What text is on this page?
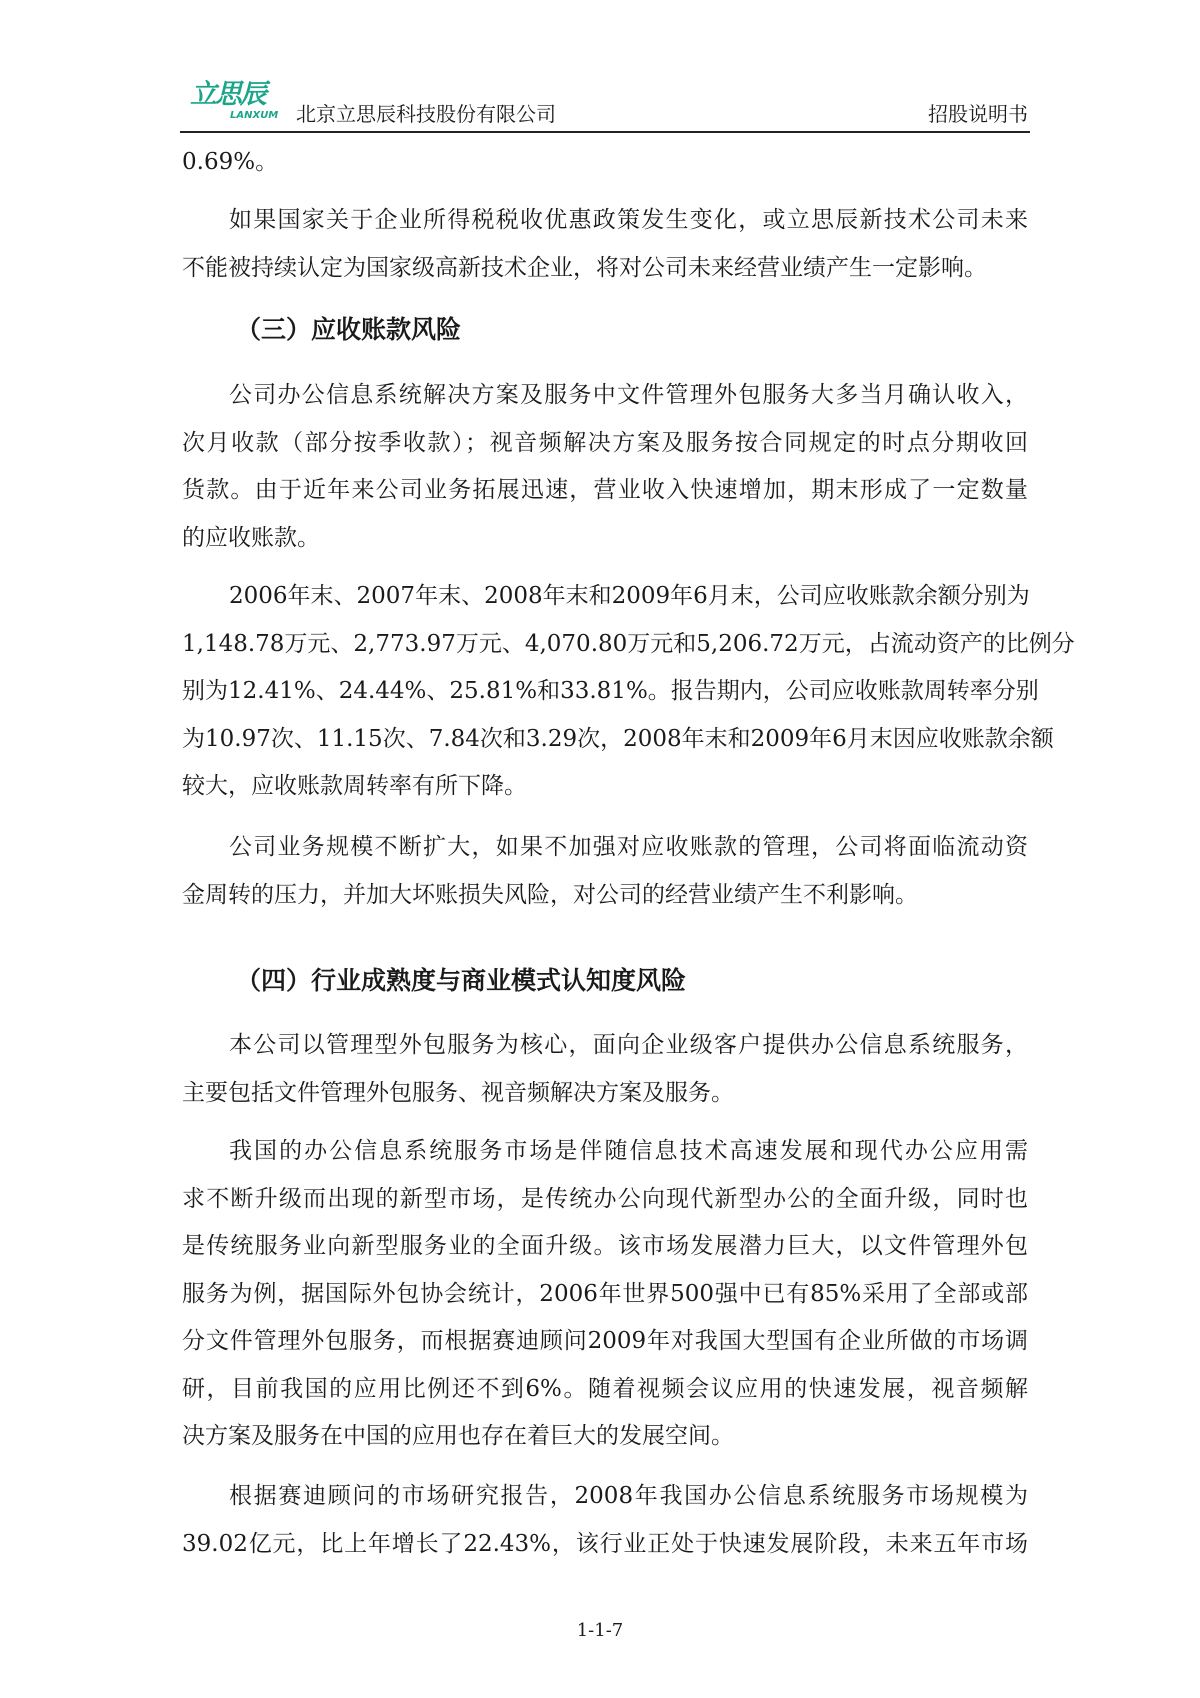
立思辰
LANXUM 北京立思辰科技股份有限公司	招股说明书
0.69%。
如果国家关于企业所得税税收优惠政策发生变化，或立思辰新技术公司未来
不能被持续认定为国家级高新技术企业，将对公司未来经营业绩产生一定影响。
（三）应收账款风险
公司办公信息系统解决方案及服务中文件管理外包服务大多当月确认收入，
次月收款（部分按季收款）；视音频解决方案及服务按合同规定的时点分期收回
货款。由于近年来公司业务拓展迅速，营业收入快速增加，期末形成了一定数量
的应收账款。
2006年末、2007年末、2008年末和2009年6月末，公司应收账款余额分别为
1,148.78万元、2,773.97万元、4,070.80万元和5,206.72万元，占流动资产的比例分
别为12.41%、24.44%、25.81%和33.81%。报告期内，公司应收账款周转率分别
为10.97次、11.15次、7.84次和3.29次，2008年末和2009年6月末因应收账款余额
较大，应收账款周转率有所下降。
公司业务规模不断扩大，如果不加强对应收账款的管理，公司将面临流动资
金周转的压力，并加大坏账损失风险，对公司的经营业绩产生不利影响。
（四）行业成熟度与商业模式认知度风险
本公司以管理型外包服务为核心，面向企业级客户提供办公信息系统服务，
主要包括文件管理外包服务、视音频解决方案及服务。
我国的办公信息系统服务市场是伴随信息技术高速发展和现代办公应用需
求不断升级而出现的新型市场，是传统办公向现代新型办公的全面升级，同时也
是传统服务业向新型服务业的全面升级。该市场发展潜力巨大，以文件管理外包
服务为例，据国际外包协会统计，2006年世界500强中已有85%采用了全部或部
分文件管理外包服务，而根据赛迪顾问2009年对我国大型国有企业所做的市场调
研，目前我国的应用比例还不到6%。随着视频会议应用的快速发展，视音频解
决方案及服务在中国的应用也存在着巨大的发展空间。
根据赛迪顾问的市场研究报告，2008年我国办公信息系统服务市场规模为
39.02亿元，比上年增长了22.43%，该行业正处于快速发展阶段，未来五年市场
1-1-7
